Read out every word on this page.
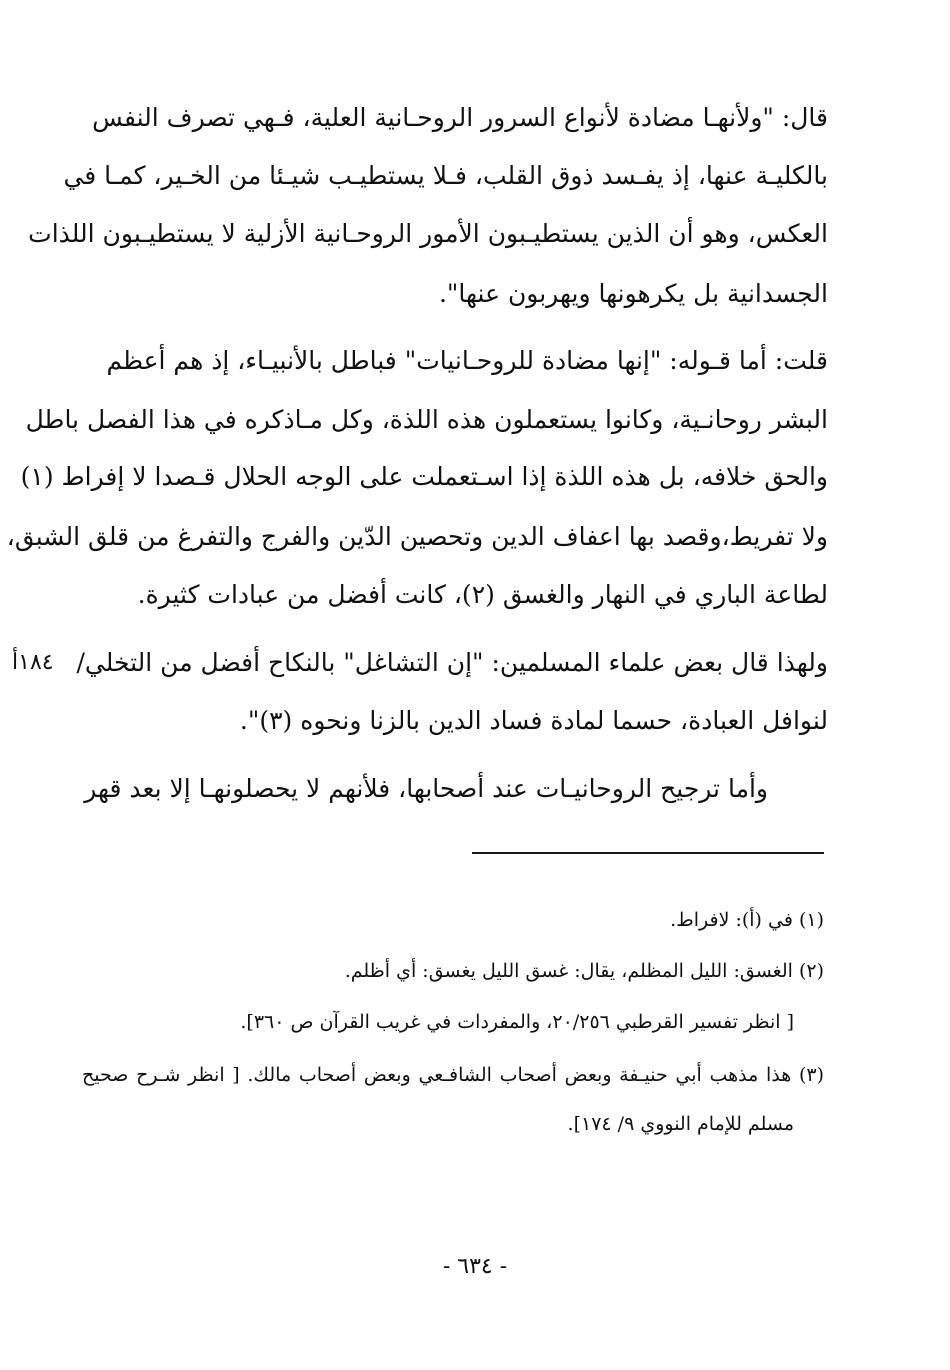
قال: "ولأنهـا مضادة لأنواع السرور الروحـانية العلية، فـهي تصرف النفس
بالكليـة عنها، إذ يفـسد ذوق القلب، فـلا يستطيـب شيـئا من الخـير، كمـا في
العكس، وهو أن الذين يستطيـبون الأمور الروحـانية الأزلية لا يستطيـبون اللذات
الجسدانية بل يكرهونها ويهربون عنها".
قلت: أما قـوله: "إنها مضادة للروحـانيات" فباطل بالأنبيـاء، إذ هم أعظم
البشر روحانـية، وكانوا يستعملون هذه اللذة، وكل مـاذكره في هذا الفصل باطل
والحق خلافه، بل هذه اللذة إذا اسـتعملت على الوجه الحلال قـصدا لا إفراط (١)
ولا تفريط،وقصد بها اعفاف الدين وتحصين الدّين والفرج والتفرغ من قلق الشبق،
لطاعة الباري في النهار والغسق (٢)، كانت أفضل من عبادات كثيرة.
ولهذا قال بعض علماء المسلمين: "إن التشاغل" بالنكاح أفضل من التخلي/
لنوافل العبادة، حسما لمادة فساد الدين بالزنا ونحوه (٣)".
وأما ترجيح الروحانيـات عند أصحابها، فلأنهم لا يحصلونهـا إلا بعد قهر
١٨٤أ
(١) في (أ): لافراط.
(٢) الغسق: الليل المظلم، يقال: غسق الليل يغسق: أي أظلم.
[ انظر تفسير القرطبي ٢٠/٢٥٦، والمفردات في غريب القرآن ص ٣٦٠].
(٣) هذا مذهب أبي حنيـفة وبعض أصحاب الشافـعي وبعض أصحاب مالك. [ انظر شـرح صحيح
مسلم للإمام النووي ٩/ ١٧٤].
- ٦٣٤ -
